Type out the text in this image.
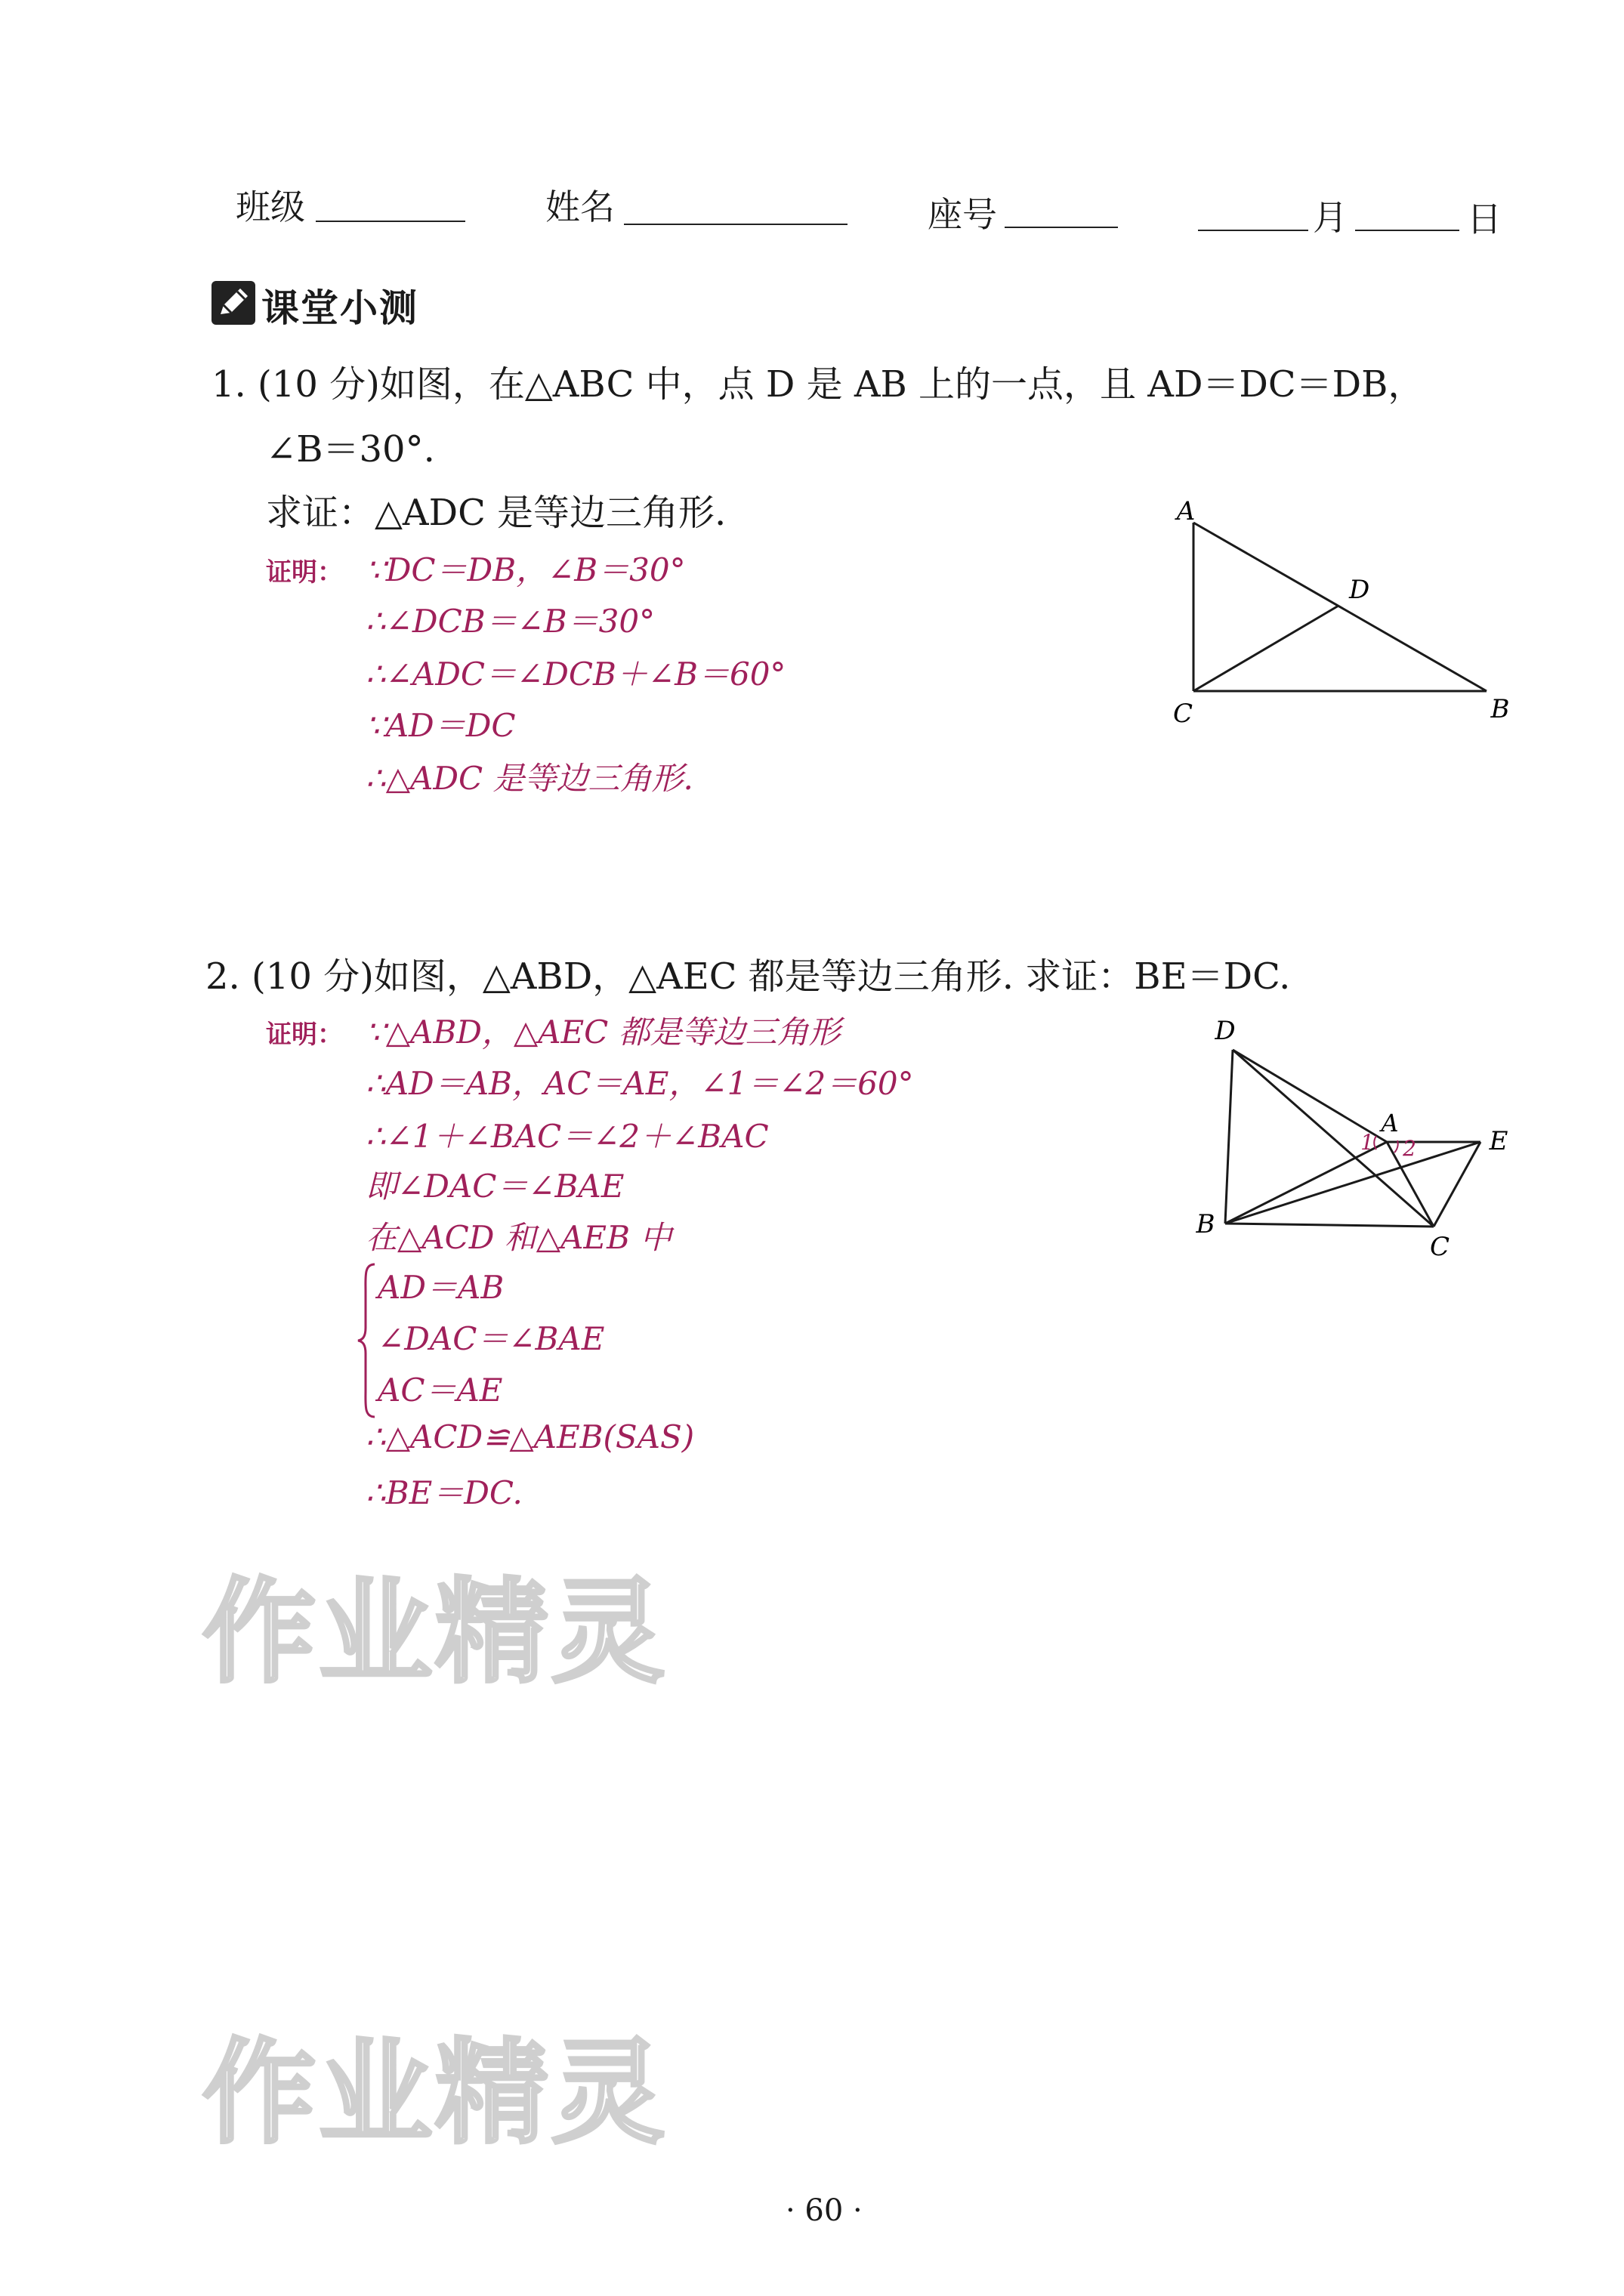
班级	姓名	座号	月	日
课堂小测
1. (10 分)如图，在△ABC 中，点 D 是 AB 上的一点，且 AD＝DC＝DB，
∠B＝30°.
求证：△ADC 是等边三角形.
证明： ∵DC＝DB，∠B＝30°
∴∠DCB＝∠B＝30°
∴∠ADC＝∠DCB＋∠B＝60°
∵AD＝DC
∴△ADC 是等边三角形.
A
D
C	B
2. (10 分)如图，△ABD，△AEC 都是等边三角形. 求证：BE＝DC.
证明： ∵△ABD，△AEC 都是等边三角形
∴AD＝AB，AC＝AE，∠1＝∠2＝60°
∴∠1＋∠BAC＝∠2＋∠BAC
即∠DAC＝∠BAE
在△ACD 和△AEB 中
AD＝AB
∠DAC＝∠BAE
AC＝AE
∴△ACD≌△AEB(SAS)
∴BE＝DC.
A
1 2
D
E
B
C
作业精灵
作业精灵
· 60 ·
